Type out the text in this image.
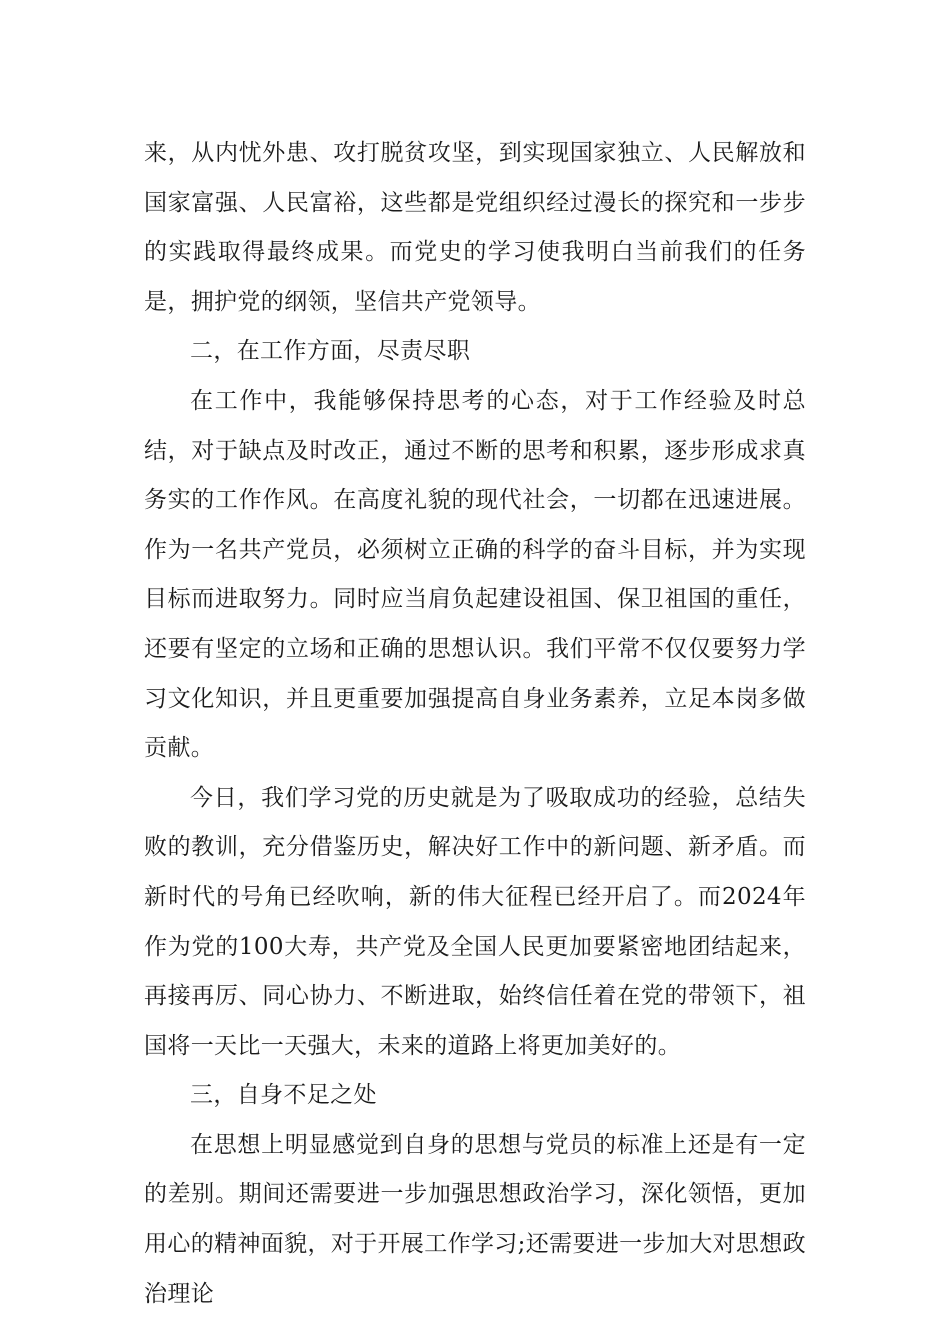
来，从内忧外患、攻打脱贫攻坚，到实现国家独立、人民解放和国家富强、人民富裕，这些都是党组织经过漫长的探究和一步步的实践取得最终成果。而党史的学习使我明白当前我们的任务是，拥护党的纲领，坚信共产党领导。

二，在工作方面，尽责尽职

在工作中，我能够保持思考的心态，对于工作经验及时总结，对于缺点及时改正，通过不断的思考和积累，逐步形成求真务实的工作作风。在高度礼貌的现代社会，一切都在迅速进展。作为一名共产党员，必须树立正确的科学的奋斗目标，并为实现目标而进取努力。同时应当肩负起建设祖国、保卫祖国的重任，还要有坚定的立场和正确的思想认识。我们平常不仅仅要努力学习文化知识，并且更重要加强提高自身业务素养，立足本岗多做贡献。

今日，我们学习党的历史就是为了吸取成功的经验，总结失败的教训，充分借鉴历史，解决好工作中的新问题、新矛盾。而新时代的号角已经吹响，新的伟大征程已经开启了。而2024年作为党的100大寿，共产党及全国人民更加要紧密地团结起来，再接再厉、同心协力、不断进取，始终信任着在党的带领下，祖国将一天比一天强大，未来的道路上将更加美好的。

三，自身不足之处

在思想上明显感觉到自身的思想与党员的标准上还是有一定的差别。期间还需要进一步加强思想政治学习，深化领悟，更加用心的精神面貌，对于开展工作学习;还需要进一步加大对思想政治理论
